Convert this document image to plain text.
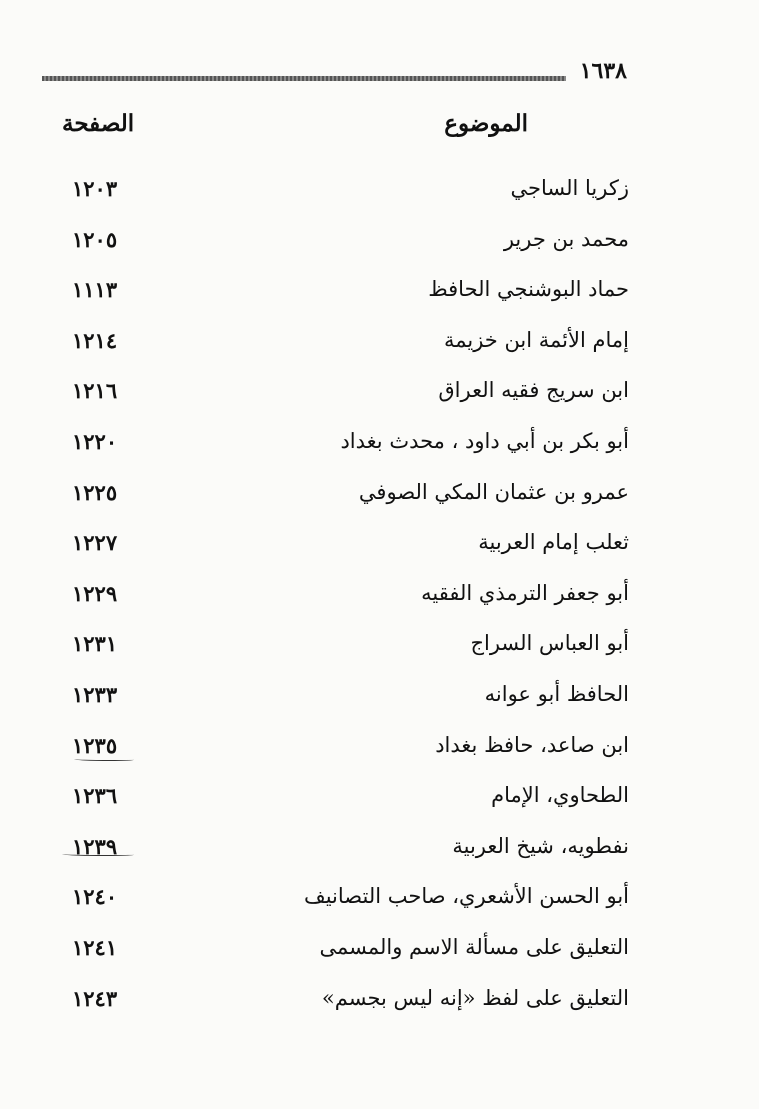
١٦٣٨
الموضوع
الصفحة
زكريا الساجي
١٢٠٣
محمد بن جرير
١٢٠٥
حماد البوشنجي الحافظ
١١١٣
إمام الأئمة ابن خزيمة
١٢١٤
ابن سريج فقيه العراق
١٢١٦
أبو بكر بن أبي داود ، محدث بغداد
١٢٢٠
عمرو بن عثمان المكي الصوفي
١٢٢٥
ثعلب إمام العربية
١٢٢٧
أبو جعفر الترمذي الفقيه
١٢٢٩
أبو العباس السراج
١٢٣١
الحافظ أبو عوانه
١٢٣٣
ابن صاعد، حافظ بغداد
١٢٣٥
الطحاوي، الإمام
١٢٣٦
نفطويه، شيخ العربية
١٢٣٩
أبو الحسن الأشعري، صاحب التصانيف
١٢٤٠
التعليق على مسألة الاسم والمسمى
١٢٤١
التعليق على لفظ «إنه ليس بجسم»
١٢٤٣
